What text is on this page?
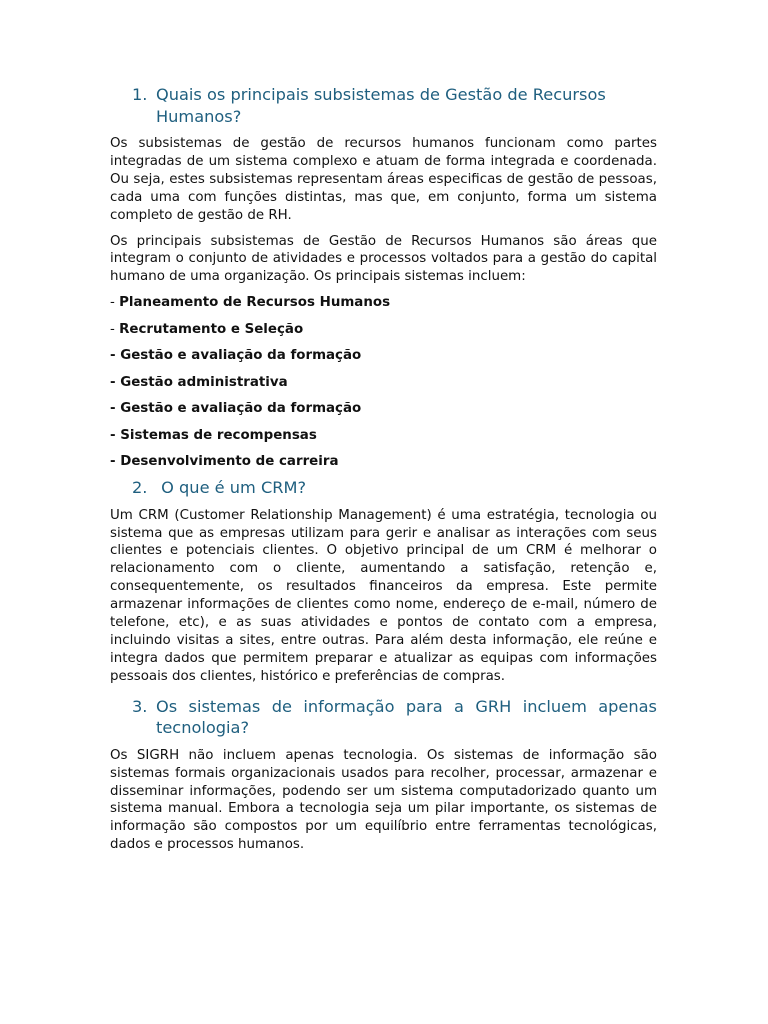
1. Quais os principais subsistemas de Gestão de Recursos Humanos?

Os subsistemas de gestão de recursos humanos funcionam como partes integradas de um sistema complexo e atuam de forma integrada e coordenada. Ou seja, estes subsistemas representam áreas especificas de gestão de pessoas, cada uma com funções distintas, mas que, em conjunto, forma um sistema completo de gestão de RH.

Os principais subsistemas de Gestão de Recursos Humanos são áreas que integram o conjunto de atividades e processos voltados para a gestão do capital humano de uma organização. Os principais sistemas incluem:

- Planeamento de Recursos Humanos

- Recrutamento e Seleção

- Gestão e avaliação da formação

- Gestão administrativa

- Gestão e avaliação da formação

- Sistemas de recompensas

- Desenvolvimento de carreira

2. O que é um CRM?

Um CRM (Customer Relationship Management) é uma estratégia, tecnologia ou sistema que as empresas utilizam para gerir e analisar as interações com seus clientes e potenciais clientes. O objetivo principal de um CRM é melhorar o relacionamento com o cliente, aumentando a satisfação, retenção e, consequentemente, os resultados financeiros da empresa. Este permite armazenar informações de clientes como nome, endereço de e-mail, número de telefone, etc), e as suas atividades e pontos de contato com a empresa, incluindo visitas a sites, entre outras. Para além desta informação, ele reúne e integra dados que permitem preparar e atualizar as equipas com informações pessoais dos clientes, histórico e preferências de compras.

3. Os sistemas de informação para a GRH incluem apenas tecnologia?

Os SIGRH não incluem apenas tecnologia. Os sistemas de informação são sistemas formais organizacionais usados para recolher, processar, armazenar e disseminar informações, podendo ser um sistema computadorizado quanto um sistema manual. Embora a tecnologia seja um pilar importante, os sistemas de informação são compostos por um equilíbrio entre ferramentas tecnológicas, dados e processos humanos.
